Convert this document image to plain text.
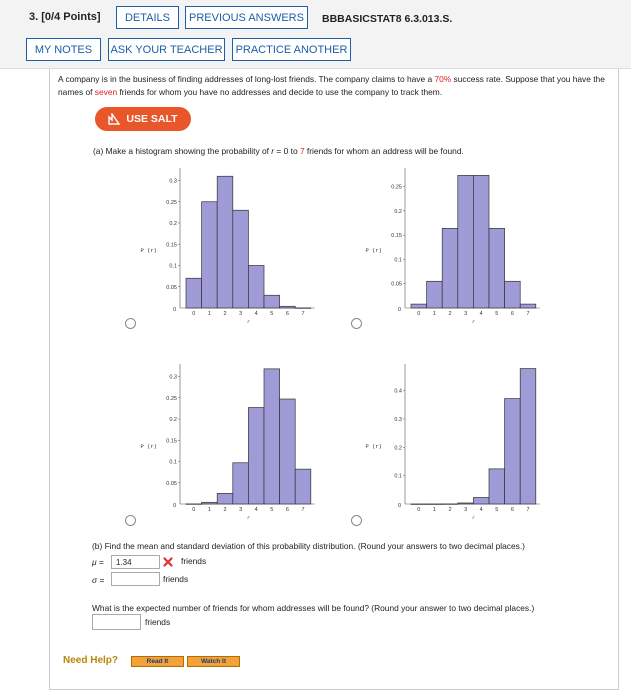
3. [0/4 Points]	DETAILS	PREVIOUS ANSWERS	BBBASICSTAT8 6.3.013.S.
MY NOTES	ASK YOUR TEACHER	PRACTICE ANOTHER
A company is in the business of finding addresses of long-lost friends. The company claims to have a 70% success rate. Suppose that you have the names of seven friends for whom you have no addresses and decide to use the company to track them.
USE SALT
(a) Make a histogram showing the probability of r = 0 to 7 friends for whom an address will be found.
0
0.05
0.1
0.15
0.2
0.25
0.3
P (r)
0 1 2 3 4 5 6 7
r
0
0.05
0.1
0.15
0.2
0.25
P (r)
0 1 2 3 4 5 6 7
r
0
0.05
0.1
0.15
0.2
0.25
0.3
P (r)
0 1 2 3 4 5 6 7
r
0
0.1
0.2
0.3
0.4
P (r)
0 1 2 3 4 5 6 7
r
(b) Find the mean and standard deviation of this probability distribution. (Round your answers to two decimal places.)
μ =	1.34	friends
σ =	friends
What is the expected number of friends for whom addresses will be found? (Round your answer to two decimal places.)
friends
Need Help?	Read It	Watch It
